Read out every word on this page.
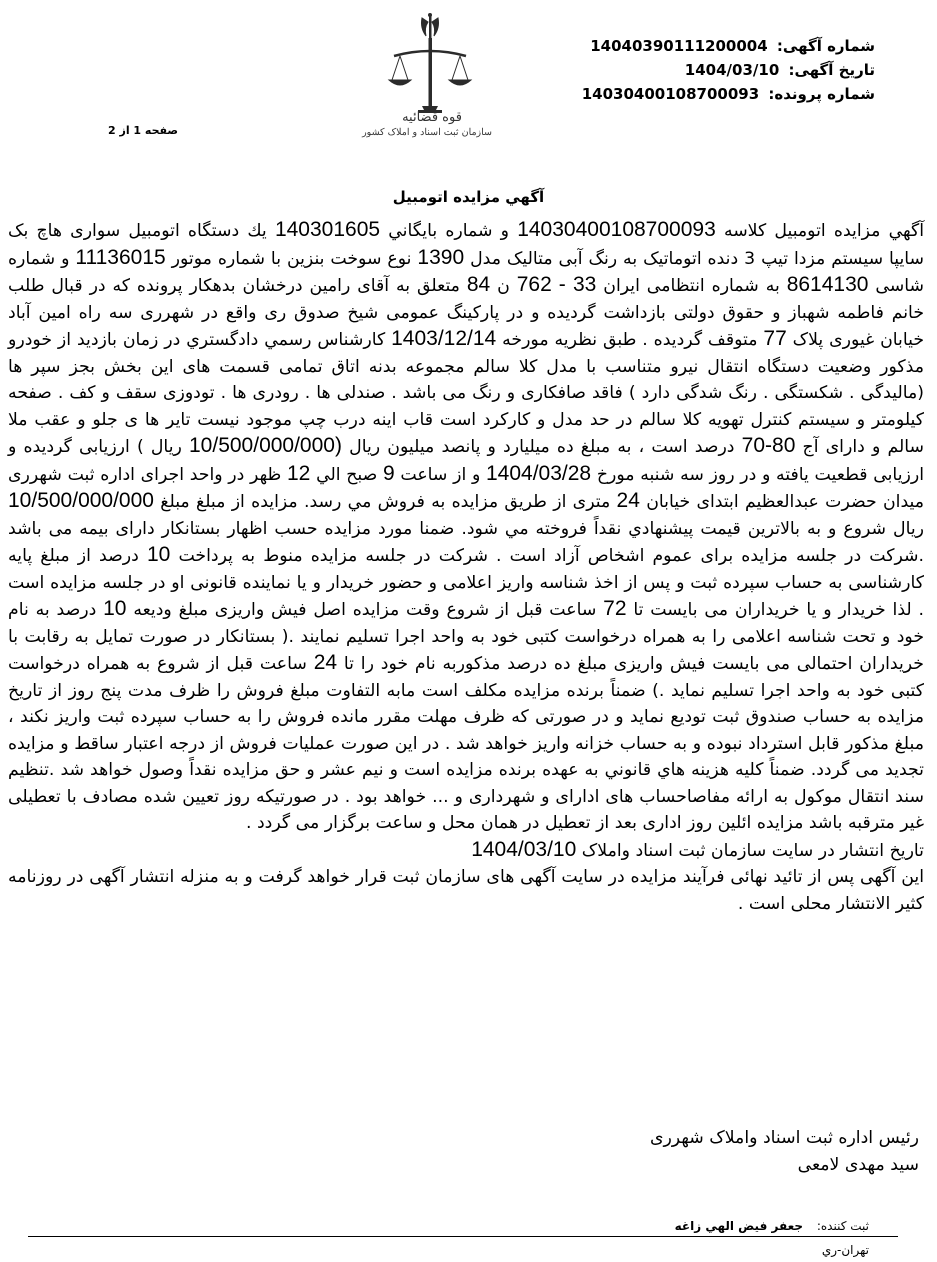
شماره آگهی: 14040390111200004
تاریخ آگهی: 1404/03/10
شماره پرونده: 14030400108700093
صفحه 1 از 2
قوه قضائیه
سازمان ثبت اسناد و املاک کشور
آگهي مزايده اتومبيل

آگهي مزايده اتومبيل كلاسه 14030400108700093 و شماره بايگاني 140301605 يك دستگاه اتومبيل سواری هاچ بک سایپا سیستم مزدا تیپ 3 دنده اتوماتیک به رنگ آبی متالیک مدل 1390 نوع سوخت بنزین با شماره موتور 11136015 و شماره شاسی 8614130 به شماره انتظامی ایران 33 - 762 ن 84 متعلق به آقای رامین درخشان بدهکار پرونده که در قبال طلب خانم فاطمه شهباز و حقوق دولتی بازداشت گردیده و در پارکینگ عمومی شیخ صدوق ری واقع در شهرری سه راه امین آباد خیابان غیوری پلاک 77 متوقف گردیده . طبق نظریه مورخه 1403/12/14 کارشناس رسمي دادگستري در زمان بازدید از خودرو مذکور وضعیت دستگاه انتقال نیرو متناسب با مدل کلا سالم مجموعه بدنه اتاق تمامی قسمت های این بخش بجز سپر ها (مالیدگی . شکستگی . رنگ شدگی دارد ) فاقد صافکاری و رنگ می باشد . صندلی ها . رودری ها . تودوزی سقف و کف . صفحه کیلومتر و سیستم کنترل تهویه کلا سالم در حد مدل و کارکرد است قاب اینه درب چپ موجود نیست تایر ها ی جلو و عقب ملا سالم و دارای آج 80-70 درصد است ، به مبلغ ده میلیارد و پانصد میلیون ریال (10/500/000/000 ریال ) ارزیابی گردیده و ارزیابی قطعیت یافته و در روز سه شنبه مورخ 1404/03/28 و از ساعت 9 صبح الي 12 ظهر در واحد اجرای اداره ثبت شهرری میدان حضرت عبدالعظیم ابتدای خیابان 24 متری از طريق مزايده به فروش مي رسد. مزايده از مبلغ مبلغ 10/500/000/000 ريال شروع و به بالاترين قيمت پيشنهادي نقداً فروخته مي شود. ضمنا مورد مزایده حسب اظهار بستانکار دارای بیمه می باشد .شرکت در جلسه مزایده برای عموم اشخاص آزاد است . شرکت در جلسه مزایده منوط به پرداخت 10 درصد از مبلغ پایه کارشناسی به حساب سپرده ثبت و پس از اخذ شناسه واریز اعلامی و حضور خریدار و یا نماینده قانونی او در جلسه مزایده است . لذا خریدار و یا خریداران می بایست تا 72 ساعت قبل از شروع وقت مزایده اصل فیش واریزی مبلغ ودیعه 10 درصد به نام خود و تحت شناسه اعلامی را به همراه درخواست کتبی خود به واحد اجرا تسلیم نمایند .( بستانکار در صورت تمایل به رقابت با خریداران احتمالی می بایست فیش واریزی مبلغ ده درصد مذکوربه نام خود را تا 24 ساعت قبل از شروع به همراه درخواست کتبی خود به واحد اجرا تسلیم نماید .) ضمناً برنده مزایده مکلف است مابه التفاوت مبلغ فروش را ظرف مدت پنج روز از تاریخ مزایده به حساب صندوق ثبت تودیع نماید و در صورتی که ظرف مهلت مقرر مانده فروش را به حساب سپرده ثبت واریز نکند ، مبلغ مذکور قابل استرداد نبوده و به حساب خزانه واریز خواهد شد . در این صورت عملیات فروش از درجه اعتبار ساقط و مزایده تجدید می گردد. ضمناً كليه هزينه هاي قانوني به عهده برنده مزايده است و نیم عشر و حق مزایده نقداً وصول خواهد شد .تنظیم سند انتقال موکول به ارائه مفاصاحساب های ادارای و شهرداری و ... خواهد بود . در صورتیکه روز تعیین شده مصادف با تعطیلی غیر مترقبه باشد مزایده ائلین روز اداری بعد از تعطیل در همان محل و ساعت برگزار می گردد .

تاريخ انتشار در سايت سازمان ثبت اسناد واملاک 1404/03/10

این آگهی پس از تائید نهائی فرآیند مزایده در سایت آگهی های سازمان ثبت قرار خواهد گرفت و به منزله انتشار آگهی در روزنامه کثیر الانتشار محلی است .

رئیس اداره ثبت اسناد واملاک شهرری
سید مهدی لامعی
ثبت كننده: جعفر فيض الهي زاغه
تهران-ري
